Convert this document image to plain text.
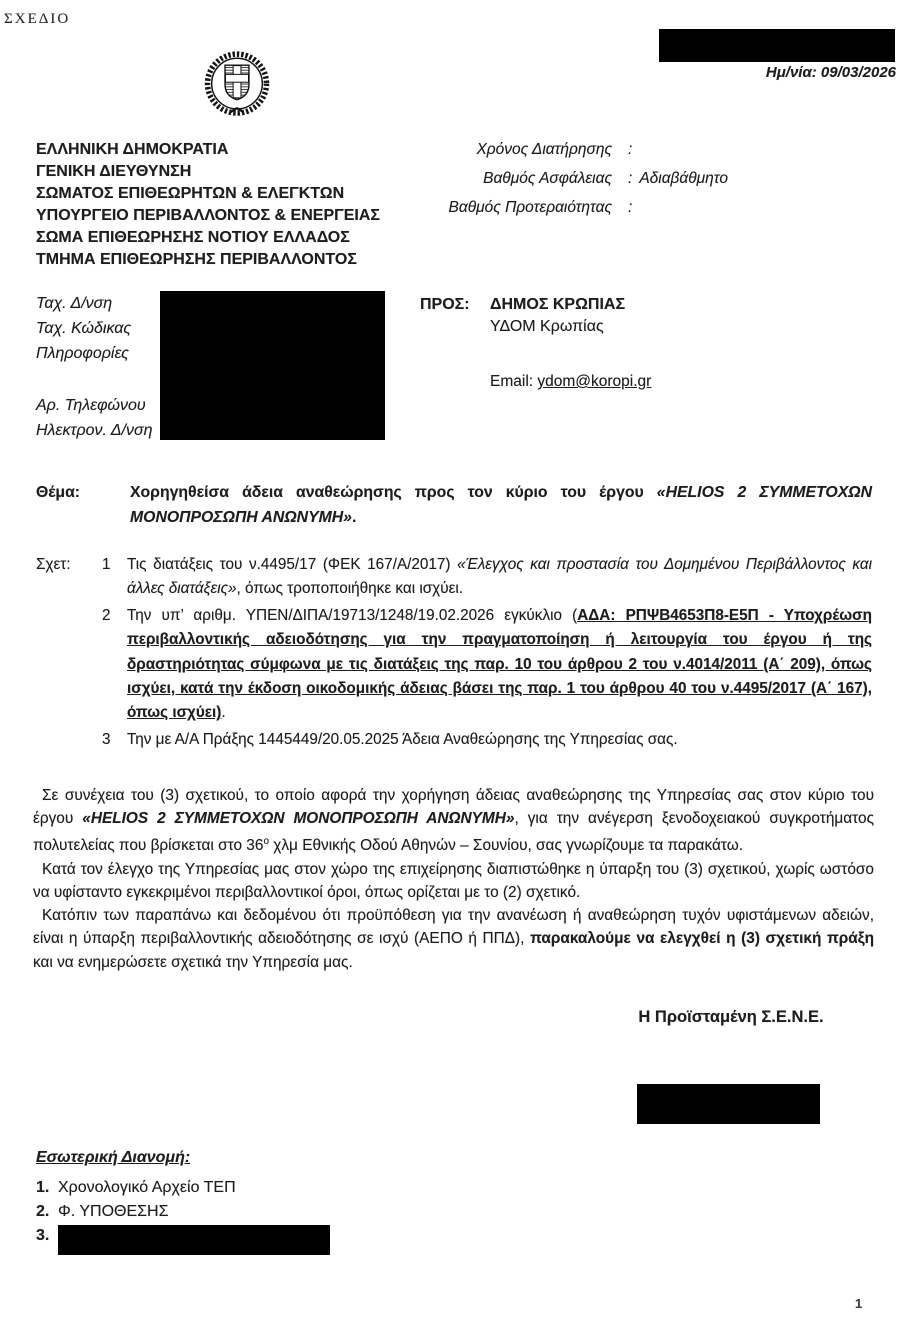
ΣΧΕΔΙΟ
Ημ/νία: 09/03/2026
ΕΛΛΗΝΙΚΗ ΔΗΜΟΚΡΑΤΙΑ
ΓΕΝΙΚΗ ΔΙΕΥΘΥΝΣΗ
ΣΩΜΑΤΟΣ ΕΠΙΘΕΩΡΗΤΩΝ & ΕΛΕΓΚΤΩΝ
ΥΠΟΥΡΓΕΙΟ ΠΕΡΙΒΑΛΛΟΝΤΟΣ & ΕΝΕΡΓΕΙΑΣ
ΣΩΜΑ ΕΠΙΘΕΩΡΗΣΗΣ ΝΟΤΙΟΥ ΕΛΛΑΔΟΣ
ΤΜΗΜΑ ΕΠΙΘΕΩΡΗΣΗΣ ΠΕΡΙΒΑΛΛΟΝΤΟΣ
Χρόνος Διατήρησης :
Βαθμός Ασφάλειας : Αδιαβάθμητο
Βαθμός Προτεραιότητας :
Ταχ. Δ/νση
Ταχ. Κώδικας
Πληροφορίες
Αρ. Τηλεφώνου
Ηλεκτρον. Δ/νση
ΠΡΟΣ:	ΔΗΜΟΣ ΚΡΩΠΙΑΣ
ΥΔΟΜ Κρωπίας
Email: ydom@koropi.gr
Θέμα:	Χορηγηθείσα άδεια αναθεώρησης προς τον κύριο του έργου «HELIOS 2 ΣΥΜΜΕΤΟΧΩΝ ΜΟΝΟΠΡΟΣΩΠΗ ΑΝΩΝΥΜΗ».
Σχετ: 1	Τις διατάξεις του ν.4495/17 (ΦΕΚ 167/Α/2017) «Έλεγχος και προστασία του Δομημένου Περιβάλλοντος και άλλες διατάξεις», όπως τροποποιήθηκε και ισχύει.
2	Την υπ’ αριθμ. ΥΠΕΝ/ΔΙΠΑ/19713/1248/19.02.2026 εγκύκλιο (ΑΔΑ: ΡΠΨΒ4653Π8-Ε5Π - Υποχρέωση περιβαλλοντικής αδειοδότησης για την πραγματοποίηση ή λειτουργία του έργου ή της δραστηριότητας σύμφωνα με τις διατάξεις της παρ. 10 του άρθρου 2 του ν.4014/2011 (Α΄ 209), όπως ισχύει, κατά την έκδοση οικοδομικής άδειας βάσει της παρ. 1 του άρθρου 40 του ν.4495/2017 (Α΄ 167), όπως ισχύει).
3	Την με Α/Α Πράξης 1445449/20.05.2025 Άδεια Αναθεώρησης της Υπηρεσίας σας.

Σε συνέχεια του (3) σχετικού, το οποίο αφορά την χορήγηση άδειας αναθεώρησης της Υπηρεσίας σας στον κύριο του έργου «HELIOS 2 ΣΥΜΜΕΤΟΧΩΝ ΜΟΝΟΠΡΟΣΩΠΗ ΑΝΩΝΥΜΗ», για την ανέγερση ξενοδοχειακού συγκροτήματος πολυτελείας που βρίσκεται στο $36^o$ χλμ Εθνικής Οδού Αθηνών – Σουνίου, σας γνωρίζουμε τα παρακάτω.

Κατά τον έλεγχο της Υπηρεσίας μας στον χώρο της επιχείρησης διαπιστώθηκε η ύπαρξη του (3) σχετικού, χωρίς ωστόσο να υφίσταντο εγκεκριμένοι περιβαλλοντικοί όροι, όπως ορίζεται με το (2) σχετικό.

Κατόπιν των παραπάνω και δεδομένου ότι προϋπόθεση για την ανανέωση ή αναθεώρηση τυχόν υφιστάμενων αδειών, είναι η ύπαρξη περιβαλλοντικής αδειοδότησης σε ισχύ (ΑΕΠΟ ή ΠΠΔ), παρακαλούμε να ελεγχθεί η (3) σχετική πράξη και να ενημερώσετε σχετικά την Υπηρεσία μας.

Η Προϊσταμένη Σ.Ε.Ν.Ε.
Εσωτερική Διανομή:
1. Χρονολογικό Αρχείο ΤΕΠ
2. Φ. ΥΠΟΘΕΣΗΣ
3.
1
